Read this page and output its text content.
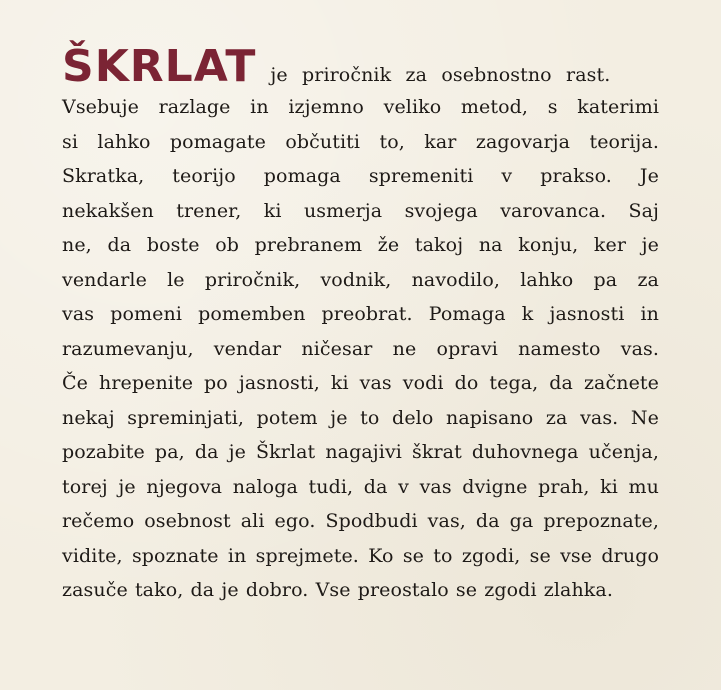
ŠKRLAT je priročnik za osebnostno rast.
Vsebuje razlage in izjemno veliko metod, s katerimi
si lahko pomagate občutiti to, kar zagovarja teorija.
Skratka, teorijo pomaga spremeniti v prakso. Je
nekakšen trener, ki usmerja svojega varovanca. Saj
ne, da boste ob prebranem že takoj na konju, ker je
vendarle le priročnik, vodnik, navodilo, lahko pa za
vas pomeni pomemben preobrat. Pomaga k jasnosti in
razumevanju, vendar ničesar ne opravi namesto vas.
Če hrepenite po jasnosti, ki vas vodi do tega, da začnete
nekaj spreminjati, potem je to delo napisano za vas. Ne
pozabite pa, da je Škrlat nagajivi škrat duhovnega učenja,
torej je njegova naloga tudi, da v vas dvigne prah, ki mu
rečemo osebnost ali ego. Spodbudi vas, da ga prepoznate,
vidite, spoznate in sprejmete. Ko se to zgodi, se vse drugo
zasuče tako, da je dobro. Vse preostalo se zgodi zlahka.
